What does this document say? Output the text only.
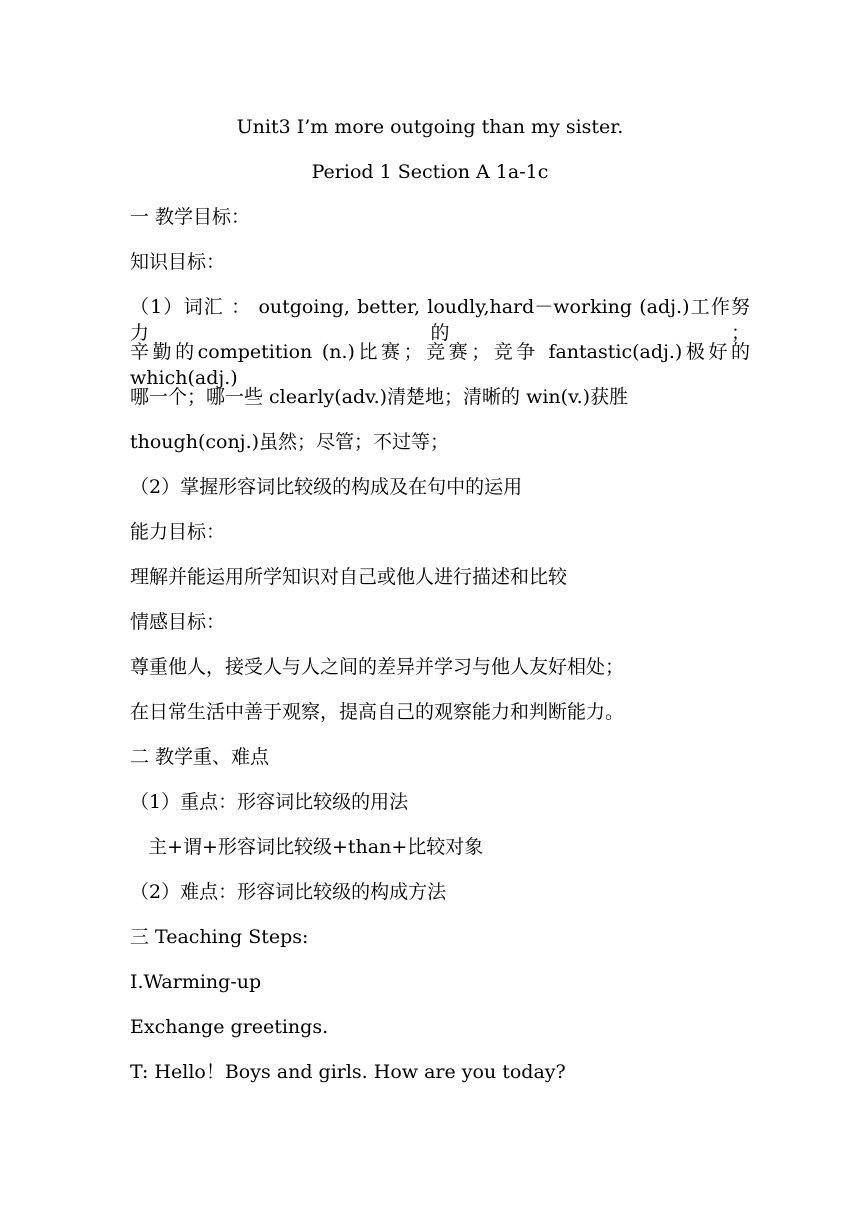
Unit3 I’m more outgoing than my sister.
Period 1 Section A 1a-1c
一 教学目标：
知识目标：
（1）词汇 ： outgoing, better, loudly,hard－working (adj.)工作努力的；
辛勤的competition (n.)比赛；竞赛；竞争 fantastic(adj.)极好的 which(adj.)
哪一个；哪一些 clearly(adv.)清楚地；清晰的 win(v.)获胜
though(conj.)虽然；尽管；不过等；
（2）掌握形容词比较级的构成及在句中的运用
能力目标：
理解并能运用所学知识对自己或他人进行描述和比较
情感目标：
尊重他人，接受人与人之间的差异并学习与他人友好相处；
在日常生活中善于观察，提高自己的观察能力和判断能力。
二 教学重、难点
（1）重点：形容词比较级的用法
主+谓+形容词比较级+than+比较对象
（2）难点：形容词比较级的构成方法
三 Teaching Steps:
Ⅰ.Warming-up
Exchange greetings.
T: Hello！Boys and girls. How are you today?
